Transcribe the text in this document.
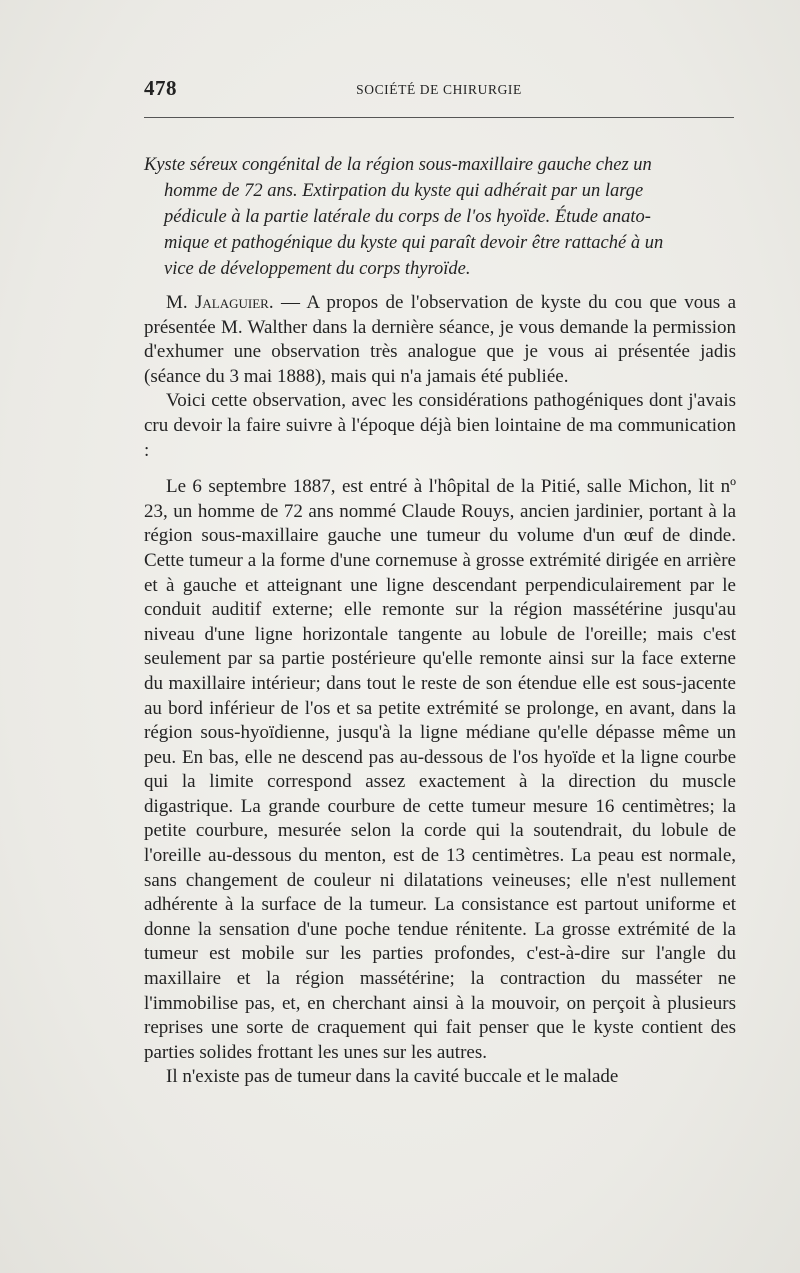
478	SOCIÉTÉ DE CHIRURGIE
Kyste séreux congénital de la région sous-maxillaire gauche chez un
homme de 72 ans. Extirpation du kyste qui adhérait par un large
pédicule à la partie latérale du corps de l'os hyoïde. Étude anato-
mique et pathogénique du kyste qui paraît devoir être rattaché à un
vice de développement du corps thyroïde.

M. Jalaguier. — A propos de l'observation de kyste du cou que vous a présentée M. Walther dans la dernière séance, je vous demande la permission d'exhumer une observation très analogue que je vous ai présentée jadis (séance du 3 mai 1888), mais qui n'a jamais été publiée.

Voici cette observation, avec les considérations pathogéniques dont j'avais cru devoir la faire suivre à l'époque déjà bien lointaine de ma communication :

Le 6 septembre 1887, est entré à l'hôpital de la Pitié, salle Michon, lit nº 23, un homme de 72 ans nommé Claude Rouys, ancien jardinier, portant à la région sous-maxillaire gauche une tumeur du volume d'un œuf de dinde. Cette tumeur a la forme d'une cornemuse à grosse extrémité dirigée en arrière et à gauche et atteignant une ligne descendant perpendiculairement par le conduit auditif externe; elle remonte sur la région massétérine jusqu'au niveau d'une ligne horizontale tangente au lobule de l'oreille; mais c'est seulement par sa partie postérieure qu'elle remonte ainsi sur la face externe du maxillaire intérieur; dans tout le reste de son étendue elle est sous-jacente au bord inférieur de l'os et sa petite extrémité se prolonge, en avant, dans la région sous-hyoïdienne, jusqu'à la ligne médiane qu'elle dépasse même un peu. En bas, elle ne descend pas au-dessous de l'os hyoïde et la ligne courbe qui la limite correspond assez exactement à la direction du muscle digastrique. La grande courbure de cette tumeur mesure 16 centimètres; la petite courbure, mesurée selon la corde qui la soutendrait, du lobule de l'oreille au-dessous du menton, est de 13 centimètres. La peau est normale, sans changement de couleur ni dilatations veineuses; elle n'est nullement adhérente à la surface de la tumeur. La consistance est partout uniforme et donne la sensation d'une poche tendue rénitente. La grosse extrémité de la tumeur est mobile sur les parties profondes, c'est-à-dire sur l'angle du maxillaire et la région massétérine; la contraction du masséter ne l'immobilise pas, et, en cherchant ainsi à la mouvoir, on perçoit à plusieurs reprises une sorte de craquement qui fait penser que le kyste contient des parties solides frottant les unes sur les autres.

Il n'existe pas de tumeur dans la cavité buccale et le malade
